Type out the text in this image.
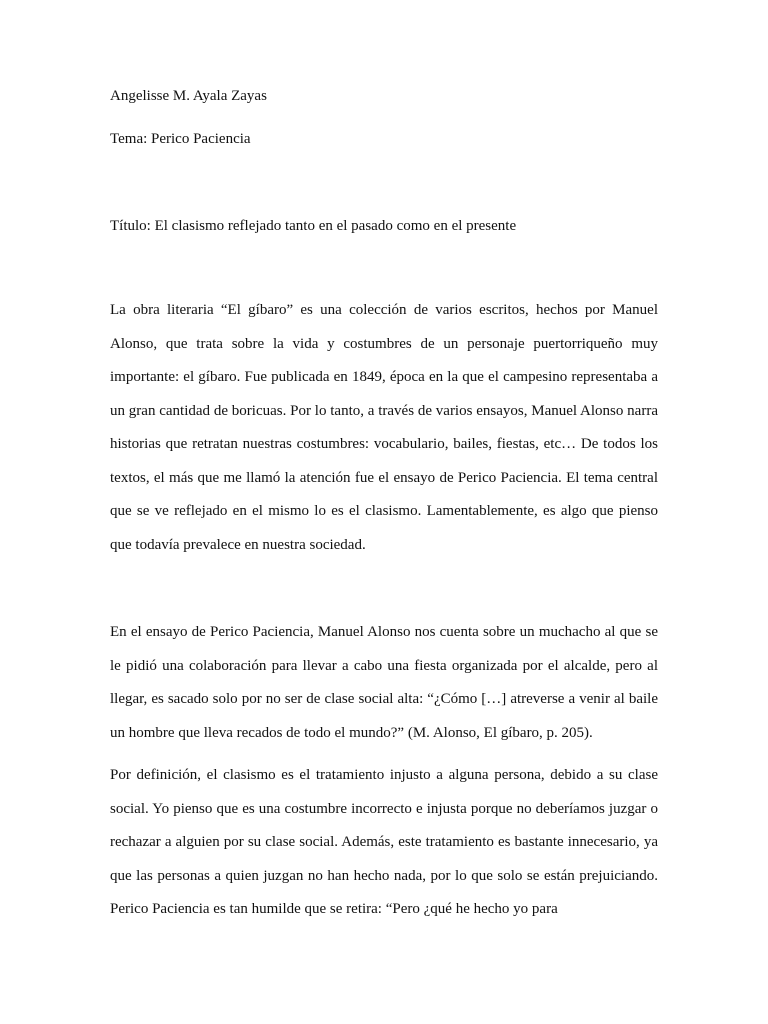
Angelisse M. Ayala Zayas
Tema: Perico Paciencia
Título: El clasismo reflejado tanto en el pasado como en el presente

La obra literaria “El gíbaro” es una colección de varios escritos, hechos por Manuel Alonso, que trata sobre la vida y costumbres de un personaje puertorriqueño muy importante: el gíbaro. Fue publicada en 1849, época en la que el campesino representaba a un gran cantidad de boricuas. Por lo tanto, a través de varios ensayos, Manuel Alonso narra historias que retratan nuestras costumbres: vocabulario, bailes, fiestas, etc… De todos los textos, el más que me llamó la atención fue el ensayo de Perico Paciencia. El tema central que se ve reflejado en el mismo lo es el clasismo. Lamentablemente, es algo que pienso que todavía prevalece en nuestra sociedad.

En el ensayo de Perico Paciencia, Manuel Alonso nos cuenta sobre un muchacho al que se le pidió una colaboración para llevar a cabo una fiesta organizada por el alcalde, pero al llegar, es sacado solo por no ser de clase social alta: “¿Cómo […] atreverse a venir al baile un hombre que lleva recados de todo el mundo?” (M. Alonso, El gíbaro, p. 205).

Por definición, el clasismo es el tratamiento injusto a alguna persona, debido a su clase social. Yo pienso que es una costumbre incorrecto e injusta porque no deberíamos juzgar o rechazar a alguien por su clase social. Además, este tratamiento es bastante innecesario, ya que las personas a quien juzgan no han hecho nada, por lo que solo se están prejuiciando. Perico Paciencia es tan humilde que se retira: “Pero ¿qué he hecho yo para
